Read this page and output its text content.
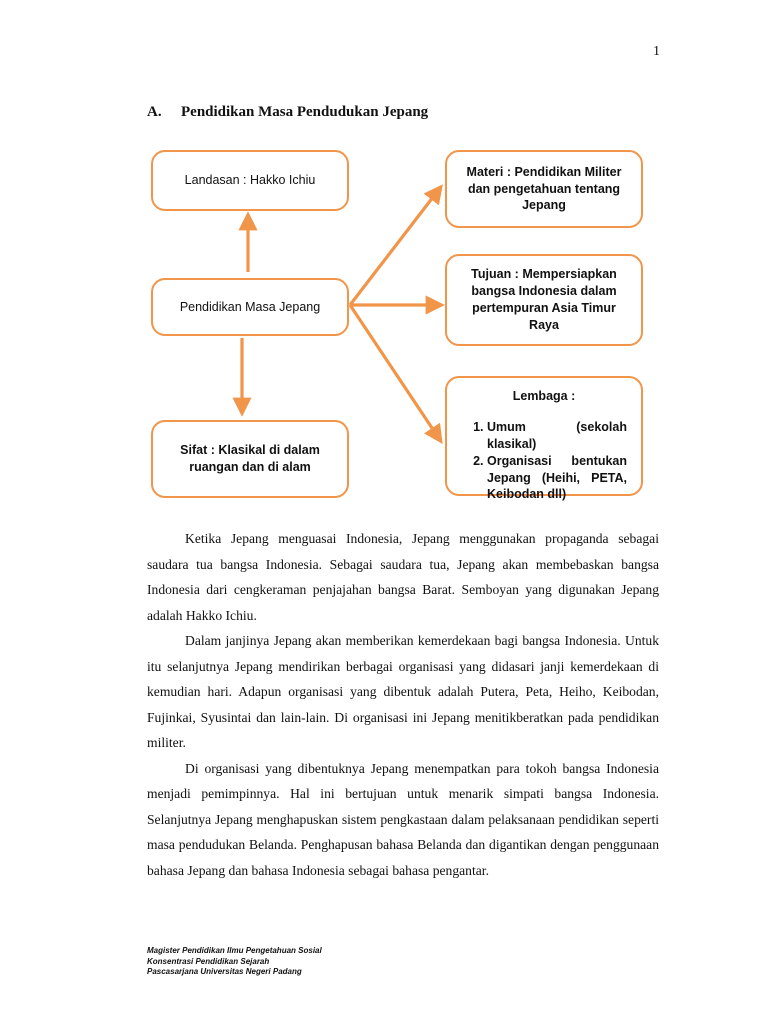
1
A. Pendidikan Masa Pendudukan Jepang
Landasan : Hakko Ichiu
Pendidikan Masa Jepang
Sifat : Klasikal di dalam ruangan dan di alam
Materi : Pendidikan Militer dan pengetahuan tentang Jepang
Tujuan : Mempersiapkan bangsa Indonesia dalam pertempuran Asia Timur Raya
Lembaga :
1. Umum (sekolah klasikal)
2. Organisasi bentukan Jepang (Heihi, PETA, Keibodan dll)

Ketika Jepang menguasai Indonesia, Jepang menggunakan propaganda sebagai saudara tua bangsa Indonesia. Sebagai saudara tua, Jepang akan membebaskan bangsa Indonesia dari cengkeraman penjajahan bangsa Barat. Semboyan yang digunakan Jepang adalah Hakko Ichiu.

Dalam janjinya Jepang akan memberikan kemerdekaan bagi bangsa Indonesia. Untuk itu selanjutnya Jepang mendirikan berbagai organisasi yang didasari janji kemerdekaan di kemudian hari. Adapun organisasi yang dibentuk adalah Putera, Peta, Heiho, Keibodan, Fujinkai, Syusintai dan lain-lain. Di organisasi ini Jepang menitikberatkan pada pendidikan militer.

Di organisasi yang dibentuknya Jepang menempatkan para tokoh bangsa Indonesia menjadi pemimpinnya. Hal ini bertujuan untuk menarik simpati bangsa Indonesia. Selanjutnya Jepang menghapuskan sistem pengkastaan dalam pelaksanaan pendidikan seperti masa pendudukan Belanda. Penghapusan bahasa Belanda dan digantikan dengan penggunaan bahasa Jepang dan bahasa Indonesia sebagai bahasa pengantar.

Magister Pendidikan Ilmu Pengetahuan Sosial
Konsentrasi Pendidikan Sejarah
Pascasarjana Universitas Negeri Padang
